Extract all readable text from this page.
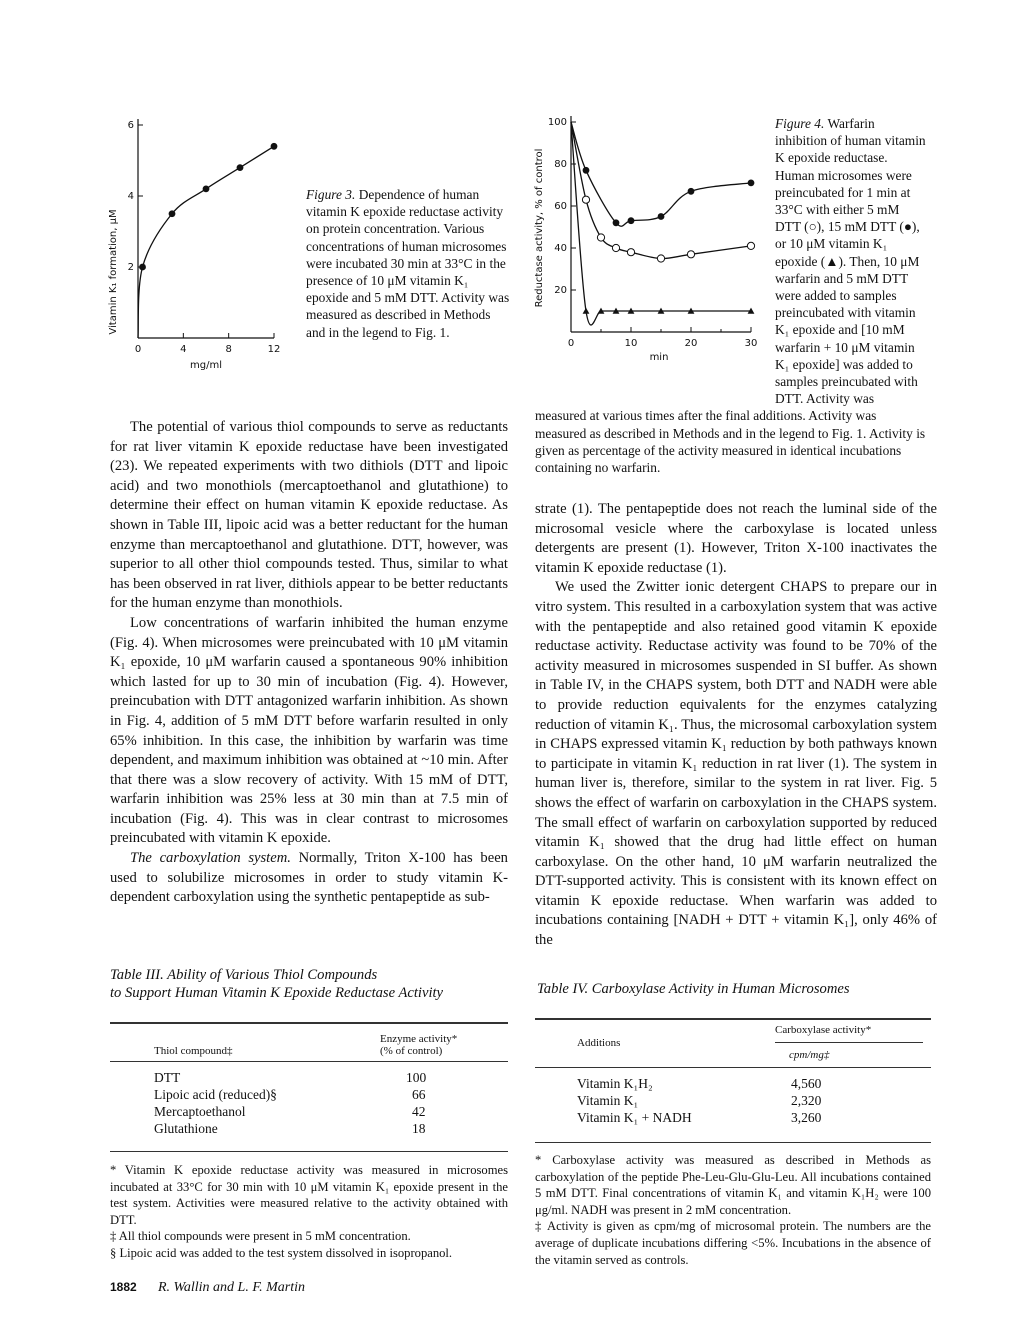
Vitamin K₁ formation, μM
0	4	8	12
2
4
6
mg/ml
Figure 3. Dependence of human vitamin K epoxide reductase activity on protein concentration. Various concentrations of human microsomes were incubated 30 min at 33°C in the presence of 10 μM vitamin K₁ epoxide and 5 mM DTT. Activity was measured as described in Methods and in the legend to Fig. 1.
Reductase activity, % of control
0	10	20	30
20
40
60
80
100
min
Figure 4. Warfarin inhibition of human vitamin K epoxide reductase. Human microsomes were preincubated for 1 min at 33°C with either 5 mM DTT (○), 15 mM DTT (●), or 10 μM vitamin K₁ epoxide (▲). Then, 10 μM warfarin and 5 mM DTT were added to samples preincubated with vitamin K₁ epoxide and [10 mM warfarin + 10 μM vitamin K₁ epoxide] was added to samples preincubated with DTT. Activity was measured at various times after the final additions. Activity was measured as described in Methods and in the legend to Fig. 1. Activity is given as percentage of the activity measured in identical incubations containing no warfarin.

The potential of various thiol compounds to serve as reductants for rat liver vitamin K epoxide reductase have been investigated (23). We repeated experiments with two dithiols (DTT and lipoic acid) and two monothiols (mercaptoethanol and glutathione) to determine their effect on human vitamin K epoxide reductase. As shown in Table III, lipoic acid was a better reductant for the human enzyme than mercaptoethanol and glutathione. DTT, however, was superior to all other thiol compounds tested. Thus, similar to what has been observed in rat liver, dithiols appear to be better reductants for the human enzyme than monothiols.

Low concentrations of warfarin inhibited the human enzyme (Fig. 4). When microsomes were preincubated with 10 μM vitamin K₁ epoxide, 10 μM warfarin caused a spontaneous 90% inhibition which lasted for up to 30 min of incubation (Fig. 4). However, preincubation with DTT antagonized warfarin inhibition. As shown in Fig. 4, addition of 5 mM DTT before warfarin resulted in only 65% inhibition. In this case, the inhibition by warfarin was time dependent, and maximum inhibition was obtained at ~10 min. After that there was a slow recovery of activity. With 15 mM of DTT, warfarin inhibition was 25% less at 30 min than at 7.5 min of incubation (Fig. 4). This was in clear contrast to microsomes preincubated with vitamin K epoxide.

The carboxylation system. Normally, Triton X-100 has been used to solubilize microsomes in order to study vitamin K-dependent carboxylation using the synthetic pentapeptide as sub-

strate (1). The pentapeptide does not reach the luminal side of the microsomal vesicle where the carboxylase is located unless detergents are present (1). However, Triton X-100 inactivates the vitamin K epoxide reductase (1).

We used the Zwitter ionic detergent CHAPS to prepare our in vitro system. This resulted in a carboxylation system that was active with the pentapeptide and also retained good vitamin K epoxide reductase activity. Reductase activity was found to be 70% of the activity measured in microsomes suspended in SI buffer. As shown in Table IV, in the CHAPS system, both DTT and NADH were able to provide reduction equivalents for the enzymes catalyzing reduction of vitamin K₁. Thus, the microsomal carboxylation system in CHAPS expressed vitamin K₁ reduction by both pathways known to participate in vitamin K₁ reduction in rat liver (1). The system in human liver is, therefore, similar to the system in rat liver. Fig. 5 shows the effect of warfarin on carboxylation in the CHAPS system. The small effect of warfarin on carboxylation supported by reduced vitamin K₁ showed that the drug had little effect on human carboxylase. On the other hand, 10 μM warfarin neutralized the DTT-supported activity. This is consistent with its known effect on vitamin K epoxide reductase. When warfarin was added to incubations containing [NADH + DTT + vitamin K₁], only 46% of the

Table III. Ability of Various Thiol Compounds
to Support Human Vitamin K Epoxide Reductase Activity
Thiol compound‡	Enzyme activity*
(% of control)

DTT	100
Lipoic acid (reduced)§	66
Mercaptoethanol	42
Glutathione	18
* Vitamin K epoxide reductase activity was measured in microsomes incubated at 33°C for 30 min with 10 μM vitamin K₁ epoxide present in the test system. Activities were measured relative to the activity obtained with DTT.
‡ All thiol compounds were present in 5 mM concentration.
§ Lipoic acid was added to the test system dissolved in isopropanol.
Table IV. Carboxylase Activity in Human Microsomes
Additions	Carboxylase activity*
cpm/mg‡

Vitamin K₁H₂	4,560
Vitamin K₁	2,320
Vitamin K₁ + NADH	3,260
* Carboxylase activity was measured as described in Methods as carboxylation of the peptide Phe-Leu-Glu-Glu-Leu. All incubations contained 5 mM DTT. Final concentrations of vitamin K₁ and vitamin K₁H₂ were 100 μg/ml. NADH was present in 2 mM concentration.
‡ Activity is given as cpm/mg of microsomal protein. The numbers are the average of duplicate incubations differing <5%. Incubations in the absence of the vitamin served as controls.
1882 R. Wallin and L. F. Martin
